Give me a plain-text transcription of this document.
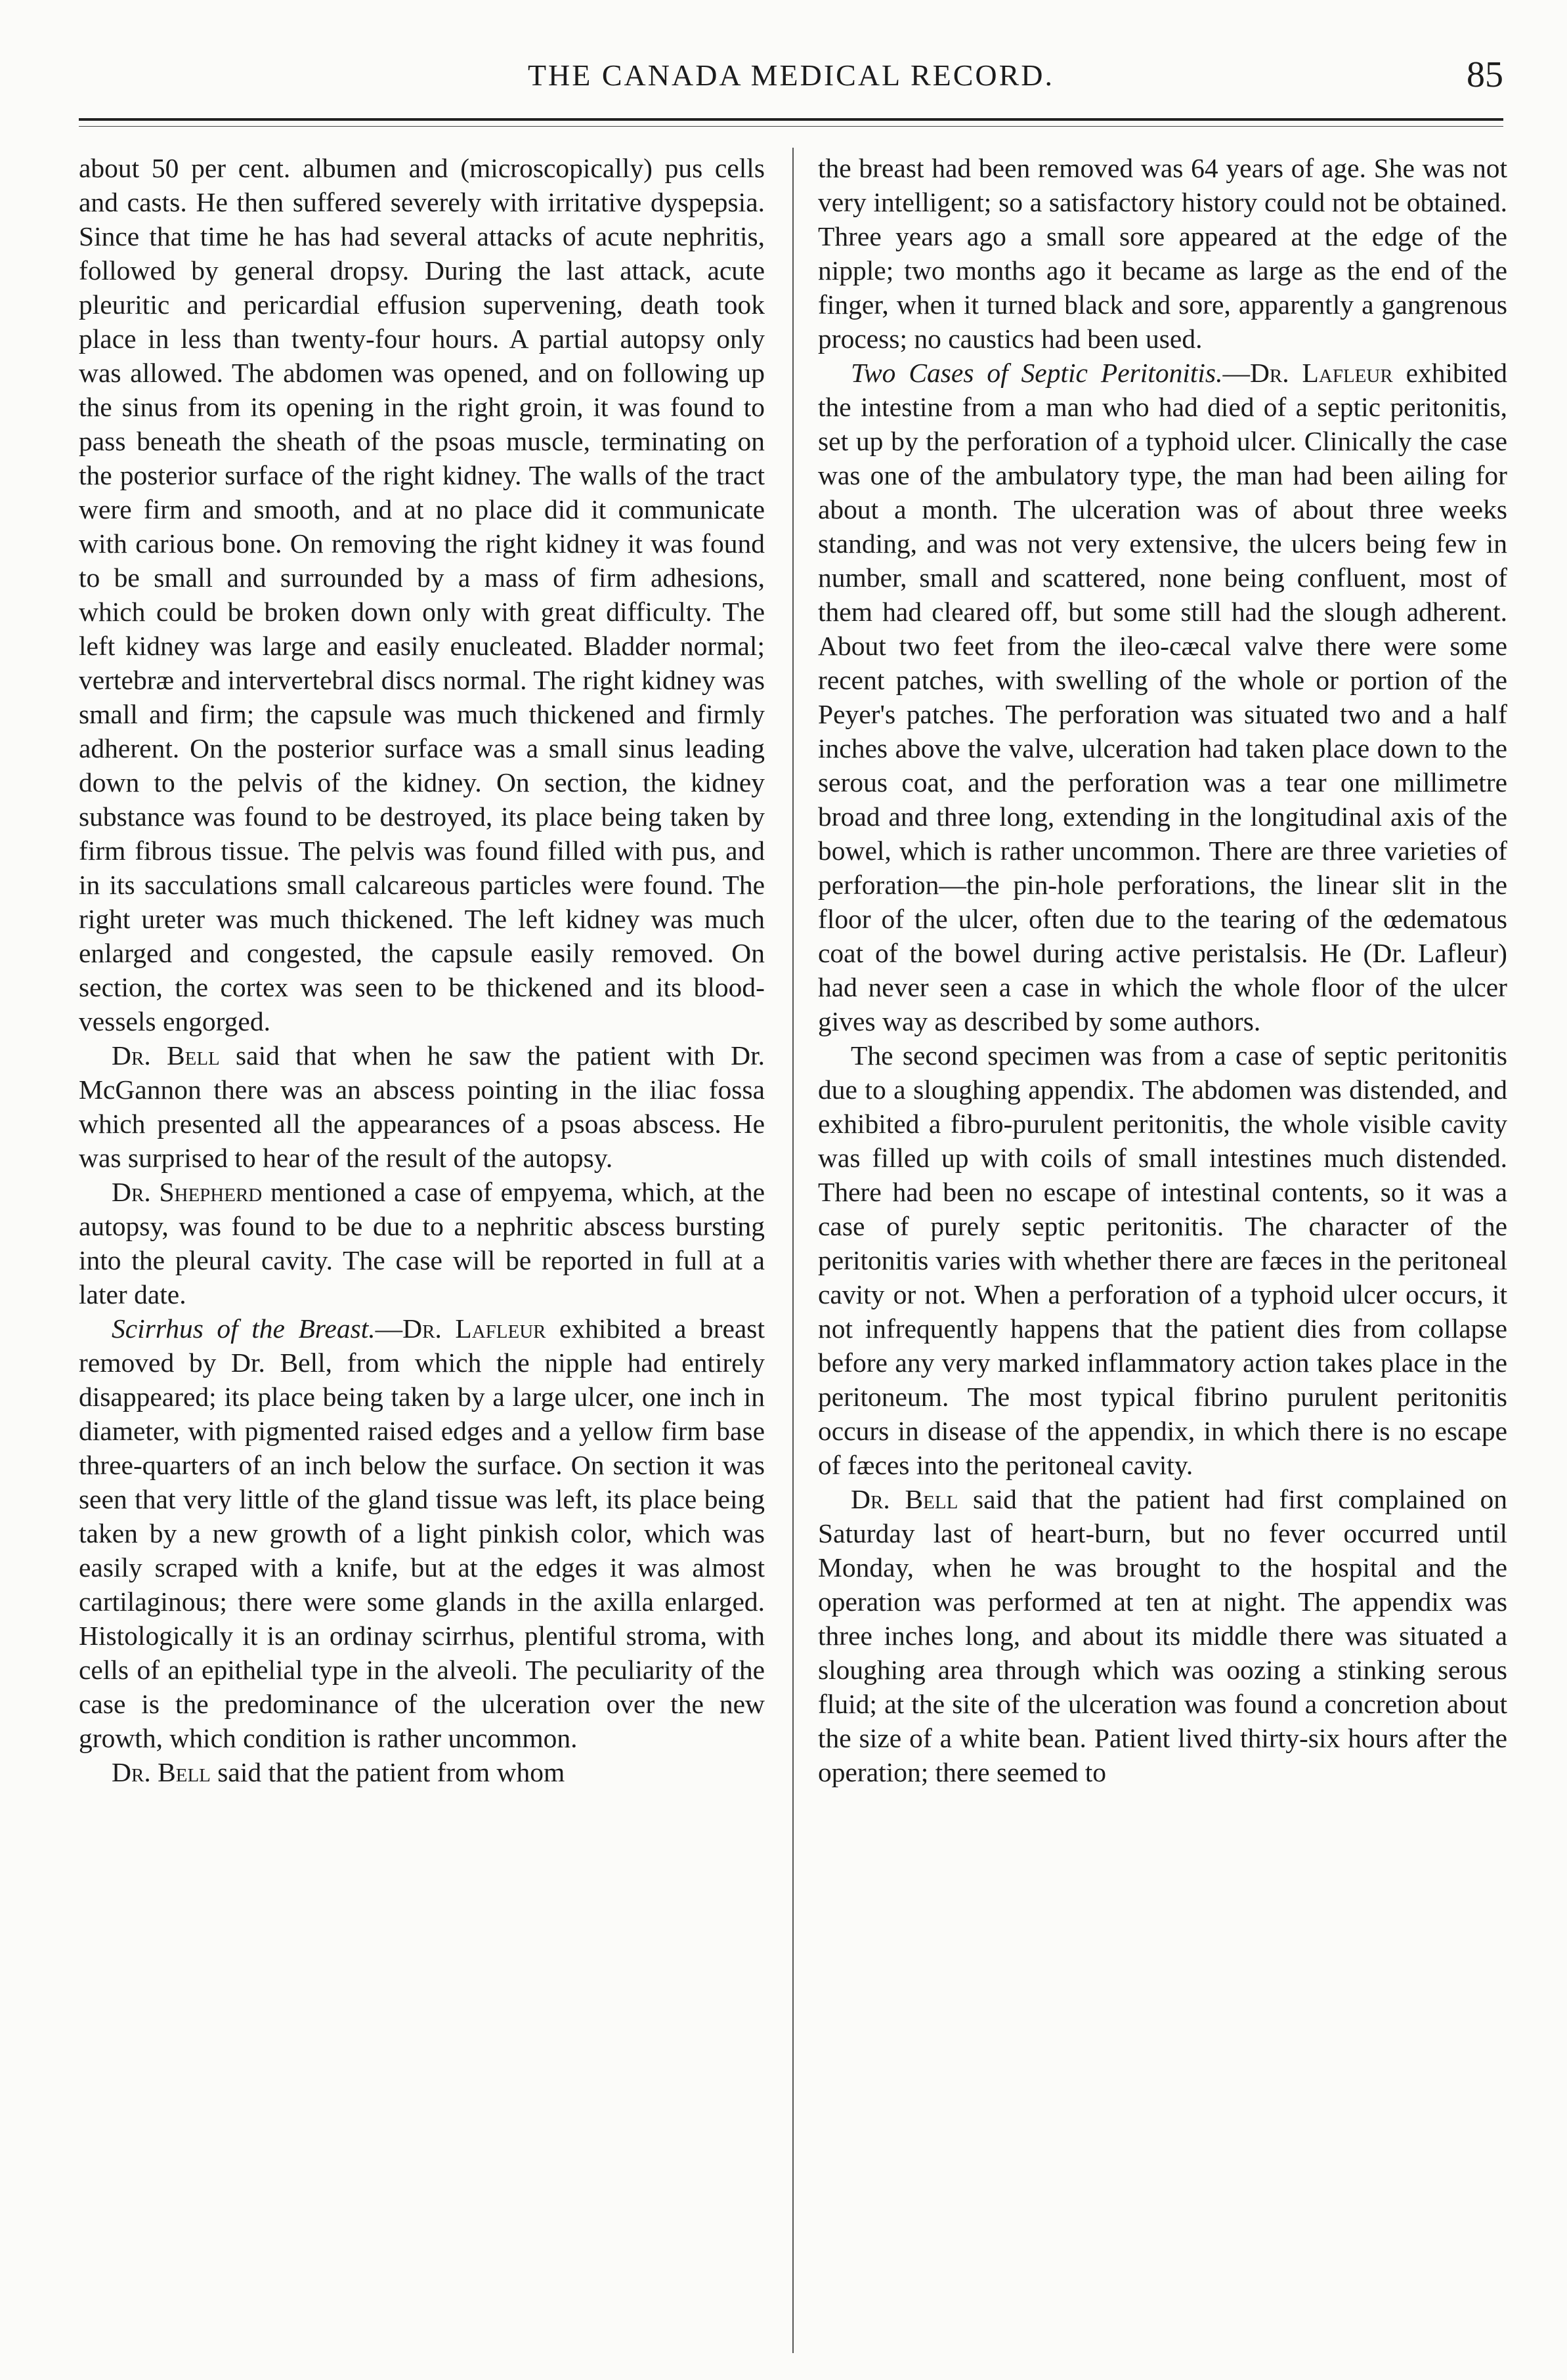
THE CANADA MEDICAL RECORD.	85

about 50 per cent. albumen and (microscopically) pus cells and casts. He then suffered severely with irritative dyspepsia. Since that time he has had several attacks of acute nephritis, followed by general dropsy. During the last attack, acute pleuritic and pericardial effusion supervening, death took place in less than twenty-four hours. A partial autopsy only was allowed. The abdomen was opened, and on following up the sinus from its opening in the right groin, it was found to pass beneath the sheath of the psoas muscle, terminating on the posterior surface of the right kidney. The walls of the tract were firm and smooth, and at no place did it communicate with carious bone. On removing the right kidney it was found to be small and surrounded by a mass of firm adhesions, which could be broken down only with great difficulty. The left kidney was large and easily enucleated. Bladder normal; vertebræ and intervertebral discs normal. The right kidney was small and firm; the capsule was much thickened and firmly adherent. On the posterior surface was a small sinus leading down to the pelvis of the kidney. On section, the kidney substance was found to be destroyed, its place being taken by firm fibrous tissue. The pelvis was found filled with pus, and in its sacculations small calcareous particles were found. The right ureter was much thickened. The left kidney was much enlarged and congested, the capsule easily removed. On section, the cortex was seen to be thickened and its blood-vessels engorged.

Dr. Bell said that when he saw the patient with Dr. McGannon there was an abscess pointing in the iliac fossa which presented all the appearances of a psoas abscess. He was surprised to hear of the result of the autopsy.

Dr. Shepherd mentioned a case of empyema, which, at the autopsy, was found to be due to a nephritic abscess bursting into the pleural cavity. The case will be reported in full at a later date.

Scirrhus of the Breast.—Dr. Lafleur exhibited a breast removed by Dr. Bell, from which the nipple had entirely disappeared; its place being taken by a large ulcer, one inch in diameter, with pigmented raised edges and a yellow firm base three-quarters of an inch below the surface. On section it was seen that very little of the gland tissue was left, its place being taken by a new growth of a light pinkish color, which was easily scraped with a knife, but at the edges it was almost cartilaginous; there were some glands in the axilla enlarged. Histologically it is an ordinay scirrhus, plentiful stroma, with cells of an epithelial type in the alveoli. The peculiarity of the case is the predominance of the ulceration over the new growth, which condition is rather uncommon.

Dr. Bell said that the patient from whom

the breast had been removed was 64 years of age. She was not very intelligent; so a satisfactory history could not be obtained. Three years ago a small sore appeared at the edge of the nipple; two months ago it became as large as the end of the finger, when it turned black and sore, apparently a gangrenous process; no caustics had been used.

Two Cases of Septic Peritonitis.—Dr. Lafleur exhibited the intestine from a man who had died of a septic peritonitis, set up by the perforation of a typhoid ulcer. Clinically the case was one of the ambulatory type, the man had been ailing for about a month. The ulceration was of about three weeks standing, and was not very extensive, the ulcers being few in number, small and scattered, none being confluent, most of them had cleared off, but some still had the slough adherent. About two feet from the ileo-cæcal valve there were some recent patches, with swelling of the whole or portion of the Peyer's patches. The perforation was situated two and a half inches above the valve, ulceration had taken place down to the serous coat, and the perforation was a tear one millimetre broad and three long, extending in the longitudinal axis of the bowel, which is rather uncommon. There are three varieties of perforation—the pin-hole perforations, the linear slit in the floor of the ulcer, often due to the tearing of the œdematous coat of the bowel during active peristalsis. He (Dr. Lafleur) had never seen a case in which the whole floor of the ulcer gives way as described by some authors.

The second specimen was from a case of septic peritonitis due to a sloughing appendix. The abdomen was distended, and exhibited a fibro-purulent peritonitis, the whole visible cavity was filled up with coils of small intestines much distended. There had been no escape of intestinal contents, so it was a case of purely septic peritonitis. The character of the peritonitis varies with whether there are fæces in the peritoneal cavity or not. When a perforation of a typhoid ulcer occurs, it not infrequently happens that the patient dies from collapse before any very marked inflammatory action takes place in the peritoneum. The most typical fibrino purulent peritonitis occurs in disease of the appendix, in which there is no escape of fæces into the peritoneal cavity.

Dr. Bell said that the patient had first complained on Saturday last of heart-burn, but no fever occurred until Monday, when he was brought to the hospital and the operation was performed at ten at night. The appendix was three inches long, and about its middle there was situated a sloughing area through which was oozing a stinking serous fluid; at the site of the ulceration was found a concretion about the size of a white bean. Patient lived thirty-six hours after the operation; there seemed to
